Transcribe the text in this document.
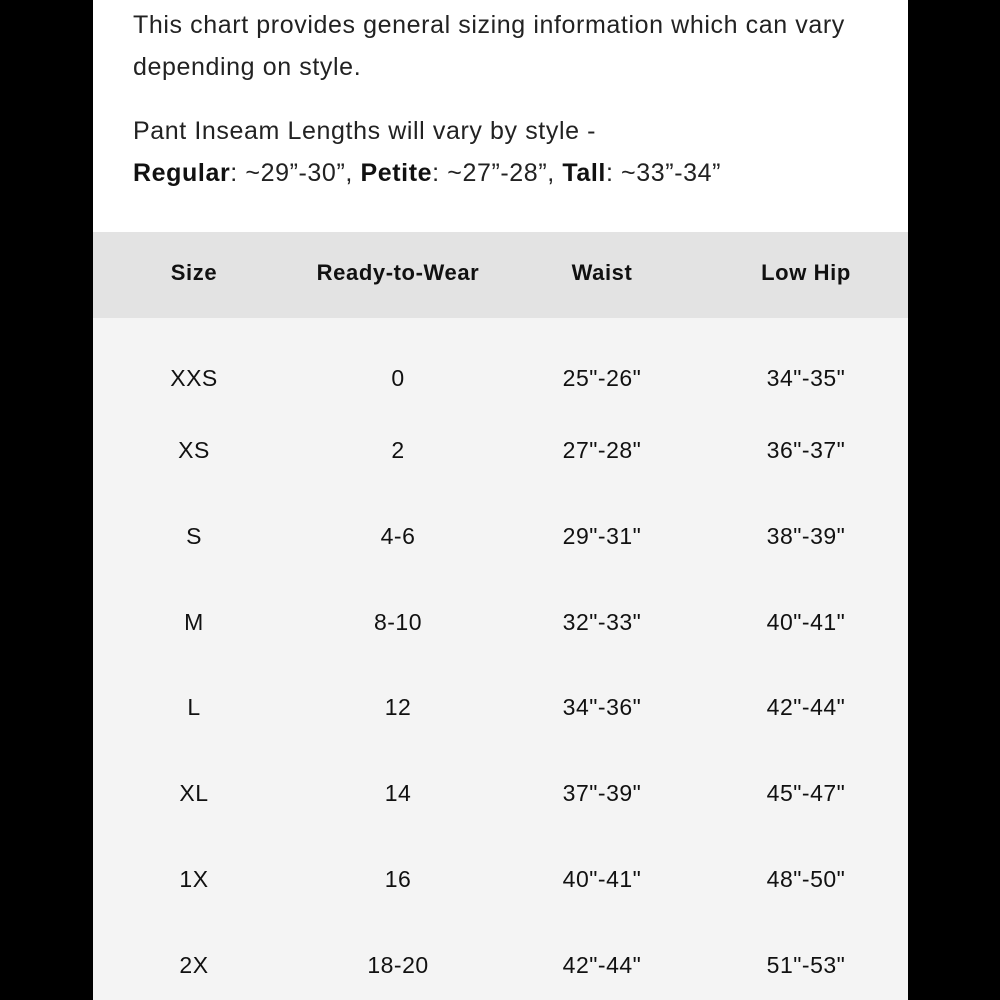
This chart provides general sizing information which can vary depending on style.

Pant Inseam Lengths will vary by style -
Regular: ~29”-30”, Petite: ~27”-28”, Tall: ~33”-34”

Size	Ready-to-Wear	Waist	Low Hip
XXS	0	25"-26"	34"-35"
XS	2	27"-28"	36"-37"
S	4-6	29"-31"	38"-39"
M	8-10	32"-33"	40"-41"
L	12	34"-36"	42"-44"
XL	14	37"-39"	45"-47"
1X	16	40"-41"	48"-50"
2X	18-20	42"-44"	51"-53"
